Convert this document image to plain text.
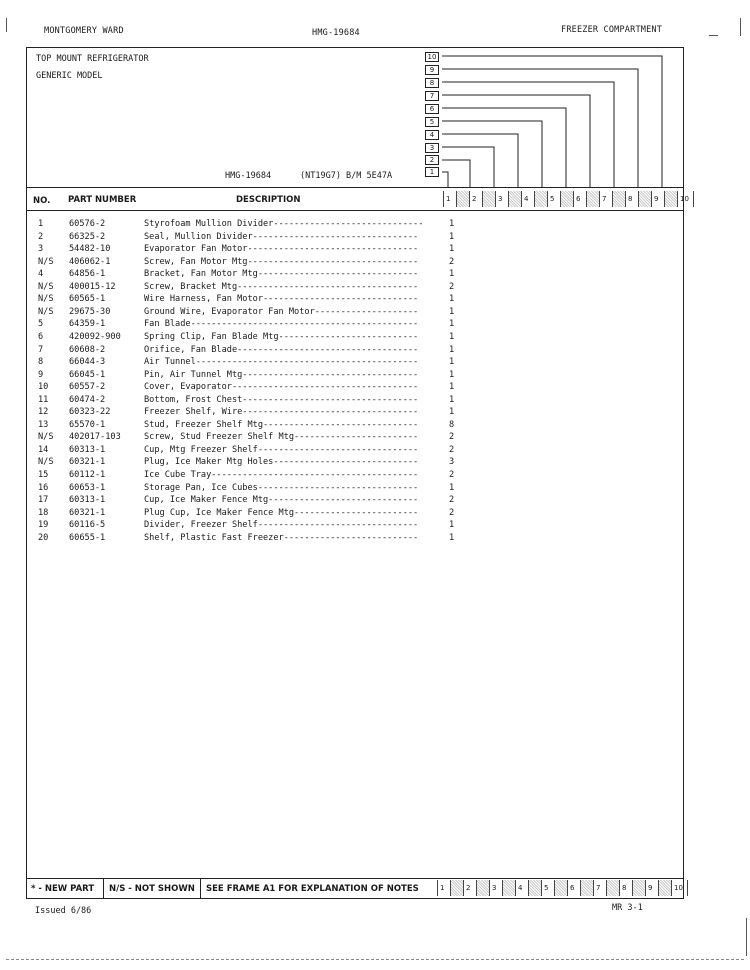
MONTGOMERY WARD	HMG-19684	FREEZER COMPARTMENT
TOP MOUNT REFRIGERATOR
GENERIC MODEL
HMG-19684	(NT19G7) B/M 5E47A
10
9
8
7
6
5
4
3
2
1
NO. PART NUMBER	DESCRIPTION	1	2	3	4	5	6	7	8	9	10
1	60576-2	Styrofoam Mullion Divider-----------------------------	1
2	66325-2	Seal, Mullion Divider--------------------------------	1
3	54482-10	Evaporator Fan Motor---------------------------------	1
N/S 406062-1	Screw, Fan Motor Mtg---------------------------------	2
4	64856-1	Bracket, Fan Motor Mtg-------------------------------	1
N/S 400015-12	Screw, Bracket Mtg-----------------------------------	2
N/S 60565-1	Wire Harness, Fan Motor------------------------------	1
N/S 29675-30	Ground Wire, Evaporator Fan Motor--------------------	1
5	64359-1	Fan Blade--------------------------------------------	1
6	420092-900	Spring Clip, Fan Blade Mtg---------------------------	1
7	60608-2	Orifice, Fan Blade-----------------------------------	1
8	66044-3	Air Tunnel-------------------------------------------	1
9	66045-1	Pin, Air Tunnel Mtg----------------------------------	1
10 60557-2	Cover, Evaporator------------------------------------	1
11 60474-2	Bottom, Frost Chest----------------------------------	1
12 60323-22	Freezer Shelf, Wire----------------------------------	1
13 65570-1	Stud, Freezer Shelf Mtg------------------------------	8
N/S 402017-103	Screw, Stud Freezer Shelf Mtg------------------------	2
14 60313-1	Cup, Mtg Freezer Shelf-------------------------------	2
N/S 60321-1	Plug, Ice Maker Mtg Holes----------------------------	3
15 60112-1	Ice Cube Tray----------------------------------------	2
16 60653-1	Storage Pan, Ice Cubes-------------------------------	1
17 60313-1	Cup, Ice Maker Fence Mtg-----------------------------	2
18 60321-1	Plug Cup, Ice Maker Fence Mtg------------------------	2
19 60116-5	Divider, Freezer Shelf-------------------------------	1
20 60655-1	Shelf, Plastic Fast Freezer--------------------------	1
* - NEW PART	N/S - NOT SHOWN	SEE FRAME A1 FOR EXPLANATION OF NOTES	1	2	3	4	5	6	7	8	9	10
Issued 6/86	MR 3-1
